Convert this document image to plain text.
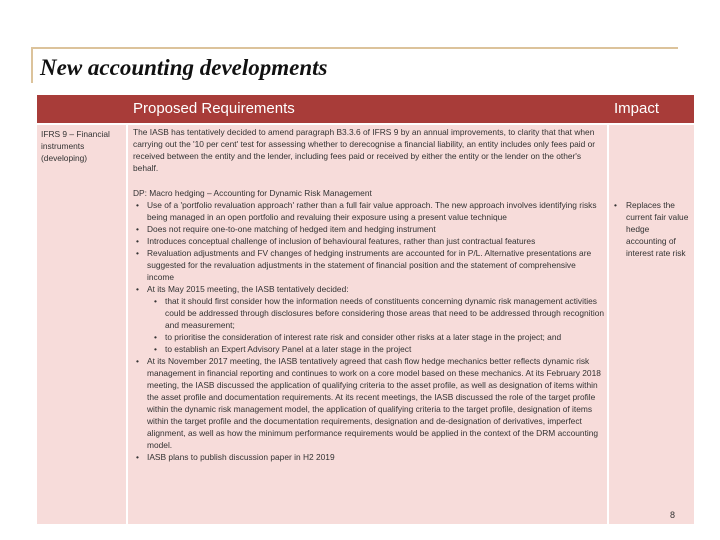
New accounting developments
Proposed Requirements	Impact
IFRS 9 – Financial instruments (developing)
The IASB has tentatively decided to amend paragraph B3.3.6 of IFRS 9 by an annual improvements, to clarity that that when carrying out the '10 per cent' test for assessing whether to derecognise a financial liability, an entity includes only fees paid or received between the entity and the lender, including fees paid or received by either the entity or the lender on the other's behalf.
DP: Macro hedging – Accounting for Dynamic Risk Management
• Use of a 'portfolio revaluation approach' rather than a full fair value approach. The new approach involves identifying risks being managed in an open portfolio and revaluing their exposure using a present value technique
• Does not require one-to-one matching of hedged item and hedging instrument
• Introduces conceptual challenge of inclusion of behavioural features, rather than just contractual features
• Revaluation adjustments and FV changes of hedging instruments are accounted for in P/L. Alternative presentations are suggested for the revaluation adjustments in the statement of financial position and the statement of comprehensive income
• At its May 2015 meeting, the IASB tentatively decided:
• that it should first consider how the information needs of constituents concerning dynamic risk management activities could be addressed through disclosures before considering those areas that need to be addressed through recognition and measurement;
• to prioritise the consideration of interest rate risk and consider other risks at a later stage in the project; and
• to establish an Expert Advisory Panel at a later stage in the project
• At its November 2017 meeting, the IASB tentatively agreed that cash flow hedge mechanics better reflects dynamic risk management in financial reporting and continues to work on a core model based on these mechanics. At its February 2018 meeting, the IASB discussed the application of qualifying criteria to the asset profile, as well as designation of items within the asset profile and documentation requirements. At its recent meetings, the IASB discussed the role of the target profile within the dynamic risk management model, the application of qualifying criteria to the target profile, designation of items within the target profile and the documentation requirements, designation and de-designation of derivatives, imperfect alignment, as well as how the minimum performance requirements would be applied in the context of the DRM accounting model.
• IASB plans to publish discussion paper in H2 2019
• Replaces the current fair value hedge accounting of interest rate risk
8
